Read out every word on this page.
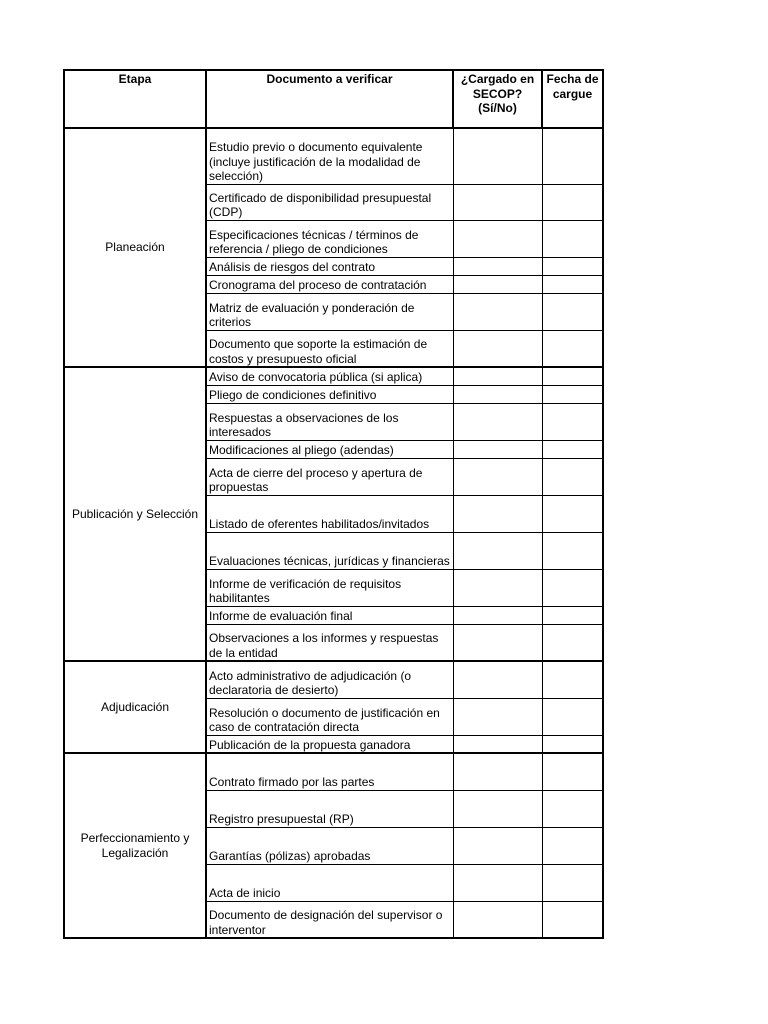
Etapa	Documento a verificar	¿Cargado en SECOP? (Sí/No)	Fecha de cargue
Planeación	Estudio previo o documento equivalente (incluye justificación de la modalidad de selección)		
	Certificado de disponibilidad presupuestal (CDP)		
	Especificaciones técnicas / términos de referencia / pliego de condiciones		
	Análisis de riesgos del contrato		
	Cronograma del proceso de contratación		
	Matriz de evaluación y ponderación de criterios		
	Documento que soporte la estimación de costos y presupuesto oficial		
Publicación y Selección	Aviso de convocatoria pública (si aplica)		
	Pliego de condiciones definitivo		
	Respuestas a observaciones de los interesados		
	Modificaciones al pliego (adendas)		
	Acta de cierre del proceso y apertura de propuestas		
	Listado de oferentes habilitados/invitados		
	Evaluaciones técnicas, jurídicas y financieras		
	Informe de verificación de requisitos habilitantes		
	Informe de evaluación final		
	Observaciones a los informes y respuestas de la entidad		
Adjudicación	Acto administrativo de adjudicación (o declaratoria de desierto)		
	Resolución o documento de justificación en caso de contratación directa		
	Publicación de la propuesta ganadora		
Perfeccionamiento y Legalización	Contrato firmado por las partes		
	Registro presupuestal (RP)		
	Garantías (pólizas) aprobadas		
	Acta de inicio		
	Documento de designación del supervisor o interventor		
